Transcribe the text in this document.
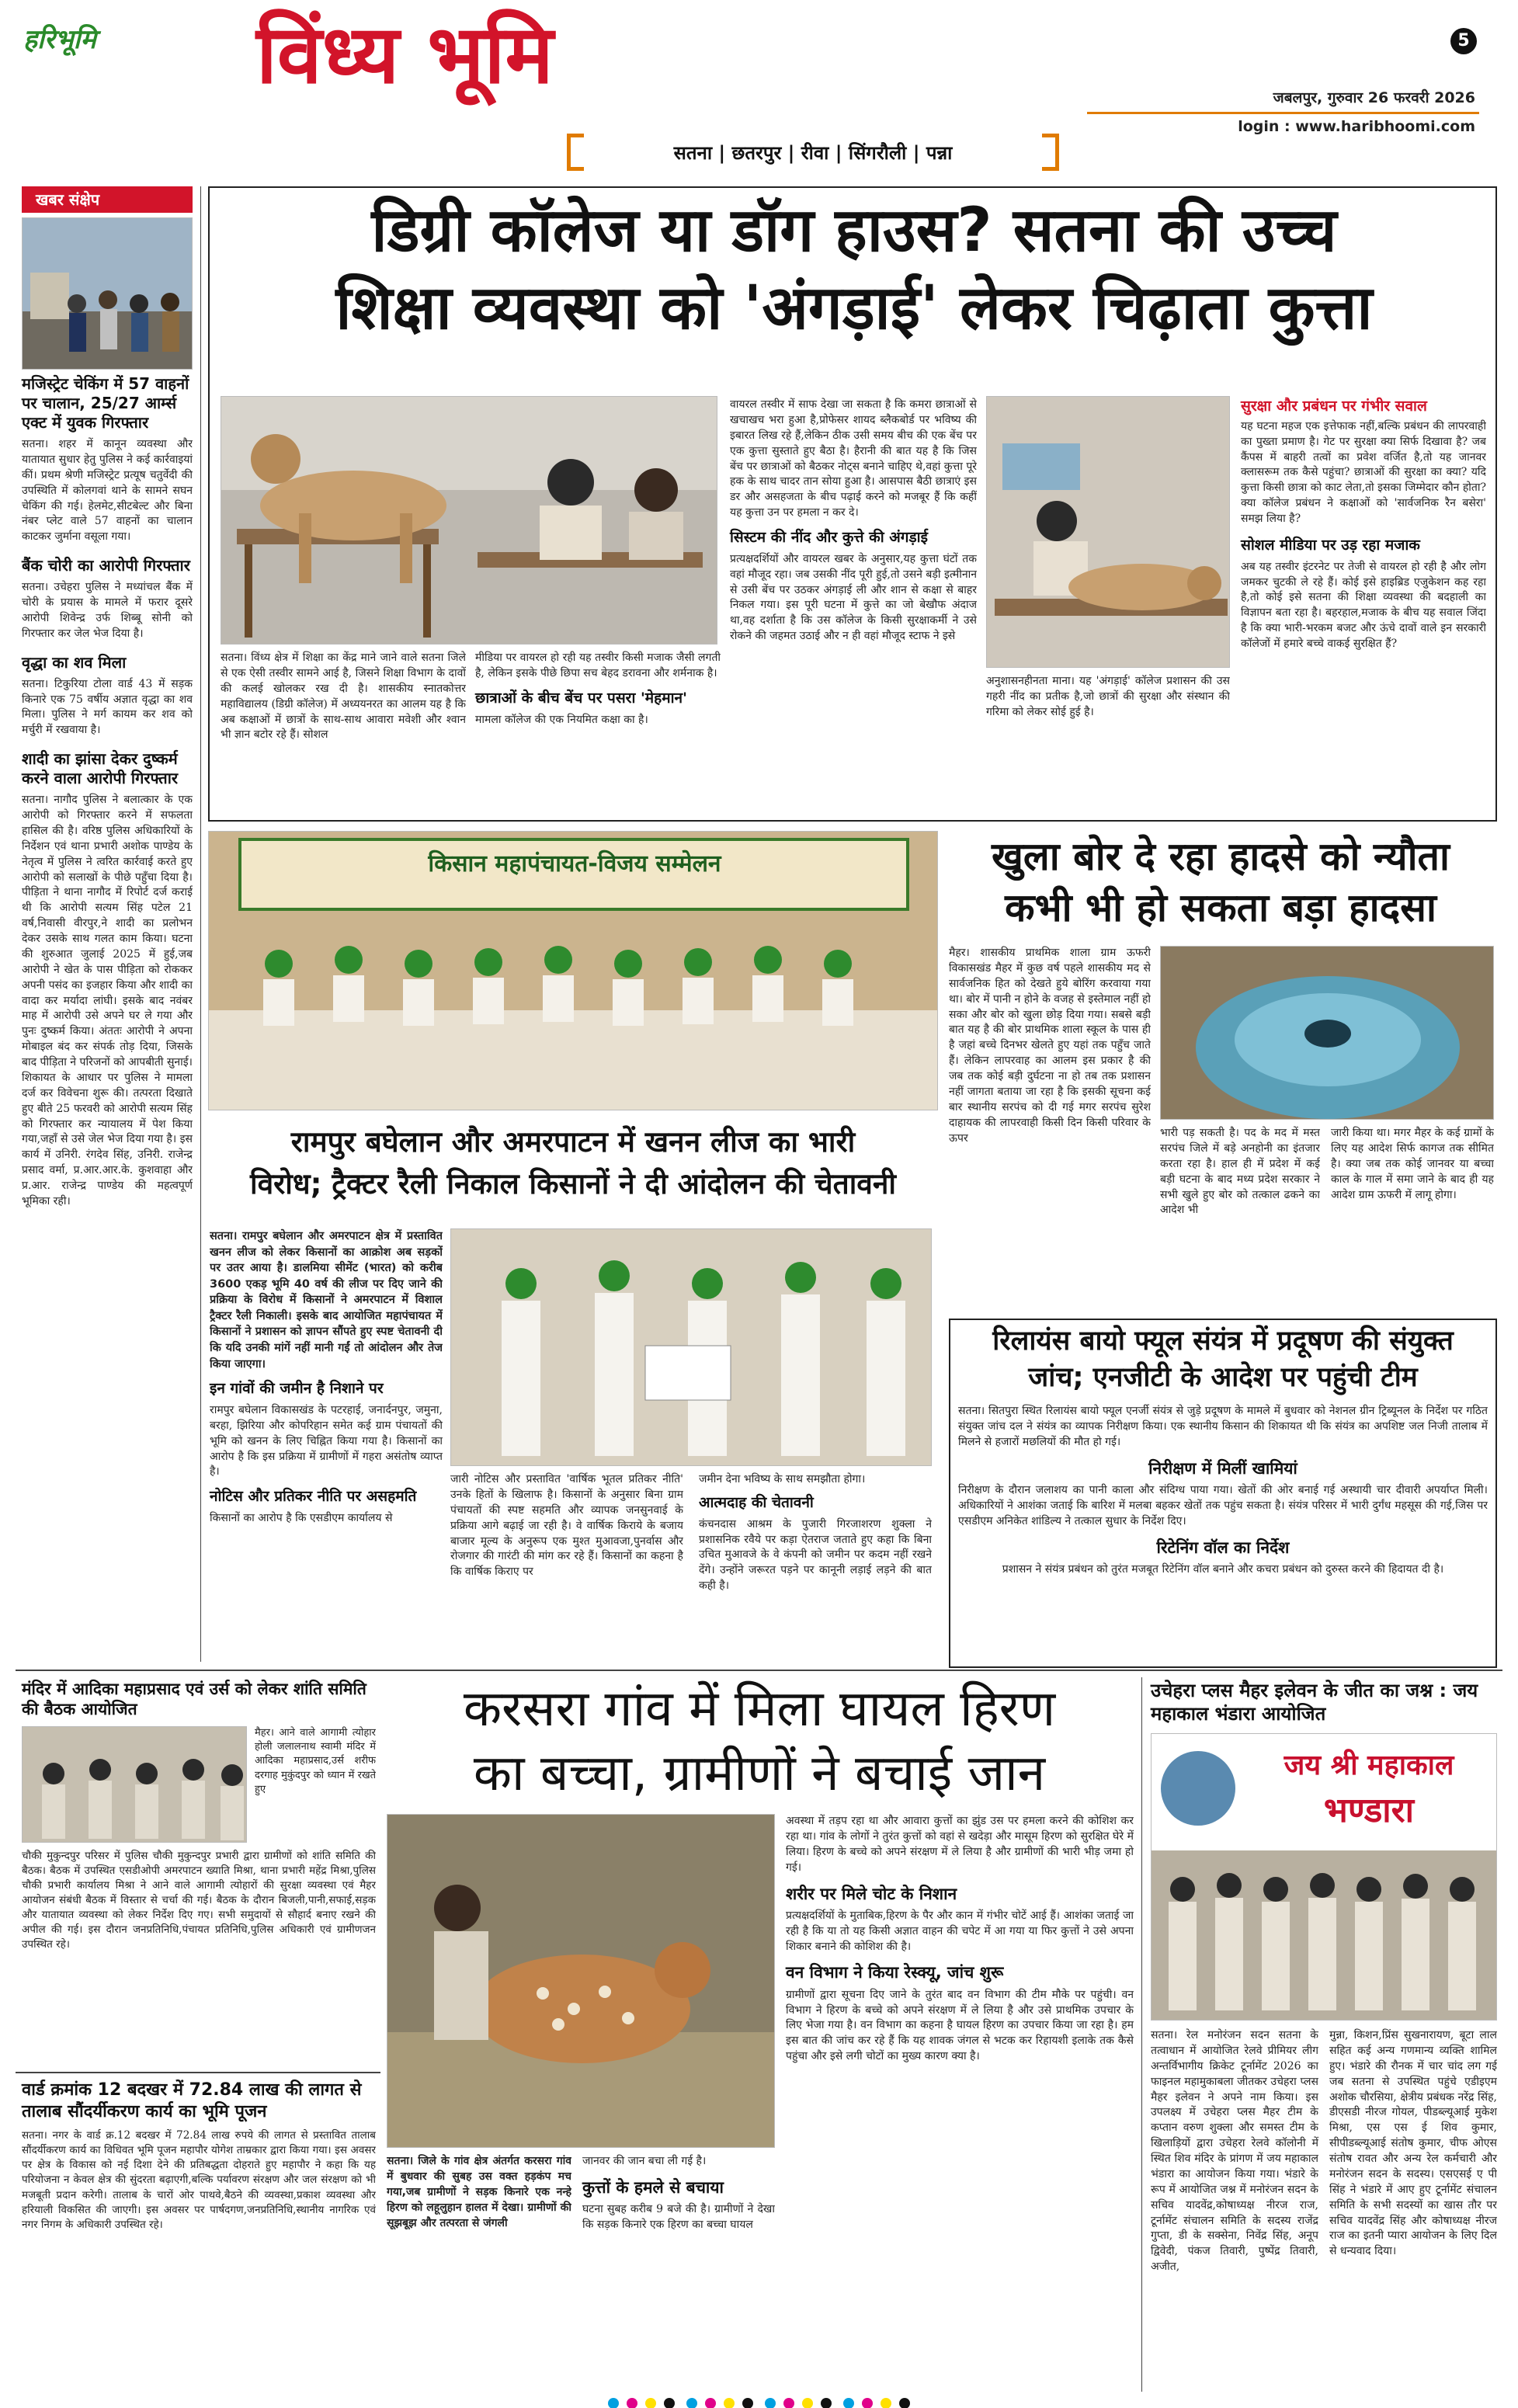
हरिभूमि विंध्य भूमि	5
जबलपुर, गुरुवार 26 फरवरी 2026
login : www.haribhoomi.com
सतना | छतरपुर | रीवा | सिंगरौली | पन्ना
खबर संक्षेप
मजिस्ट्रेट चेकिंग में 57 वाहनों पर चालान, 25/27 आर्म्स एक्ट में युवक गिरफ्तार
सतना। शहर में कानून व्यवस्था और यातायात सुधार हेतु पुलिस ने कई कार्रवाइयां कीं। प्रथम श्रेणी मजिस्ट्रेट प्रत्यूष चतुर्वेदी की उपस्थिति में कोलगवां थाने के सामने सघन चेकिंग की गई। हेलमेट,सीटबेल्ट और बिना नंबर प्लेट वाले 57 वाहनों का चालान काटकर जुर्माना वसूला गया।
बैंक चोरी का आरोपी गिरफ्तार
सतना। उचेहरा पुलिस ने मध्यांचल बैंक में चोरी के प्रयास के मामले में फरार दूसरे आरोपी शिवेन्द्र उर्फ शिब्बू सोनी को गिरफ्तार कर जेल भेज दिया है।
वृद्धा का शव मिला
सतना। टिकुरिया टोला वार्ड 43 में सड़क किनारे एक 75 वर्षीय अज्ञात वृद्धा का शव मिला। पुलिस ने मर्ग कायम कर शव को मर्चुरी में रखवाया है।
शादी का झांसा देकर दुष्कर्म करने वाला आरोपी गिरफ्तार
सतना। नागौद पुलिस ने बलात्कार के एक आरोपी को गिरफ्तार करने में सफलता हासिल की है। वरिष्ठ पुलिस अधिकारियों के निर्देशन एवं थाना प्रभारी अशोक पाण्डेय के नेतृत्व में पुलिस ने त्वरित कार्रवाई करते हुए आरोपी को सलाखों के पीछे पहुँचा दिया है। पीड़िता ने थाना नागौद में रिपोर्ट दर्ज कराई थी कि आरोपी सत्यम सिंह पटेल 21 वर्ष,निवासी वीरपुर,ने शादी का प्रलोभन देकर उसके साथ गलत काम किया। घटना की शुरुआत जुलाई 2025 में हुई,जब आरोपी ने खेत के पास पीड़िता को रोककर अपनी पसंद का इजहार किया और शादी का वादा कर मर्यादा लांघी। इसके बाद नवंबर माह में आरोपी उसे अपने घर ले गया और पुनः दुष्कर्म किया। अंततः आरोपी ने अपना मोबाइल बंद कर संपर्क तोड़ दिया, जिसके बाद पीड़िता ने परिजनों को आपबीती सुनाई। शिकायत के आधार पर पुलिस ने मामला दर्ज कर विवेचना शुरू की। तत्परता दिखाते हुए बीते 25 फरवरी को आरोपी सत्यम सिंह को गिरफ्तार कर न्यायालय में पेश किया गया,जहाँ से उसे जेल भेज दिया गया है। इस कार्य में उनिरी. रंगदेव सिंह, उनिरी. राजेन्द्र प्रसाद वर्मा, प्र.आर.आर.के. कुशवाहा और प्र.आर. राजेन्द्र पाण्डेय की महत्वपूर्ण भूमिका रही।
डिग्री कॉलेज या डॉग हाउस? सतना की उच्च
शिक्षा व्यवस्था को 'अंगड़ाई' लेकर चिढ़ाता कुत्ता
सतना। विंध्य क्षेत्र में शिक्षा का केंद्र माने जाने वाले सतना जिले से एक ऐसी तस्वीर सामने आई है, जिसने शिक्षा विभाग के दावों की कलई खोलकर रख दी है। शासकीय स्नातकोत्तर महाविद्यालय (डिग्री कॉलेज) में अध्ययनरत का आलम यह है कि अब कक्षाओं में छात्रों के साथ-साथ आवारा मवेशी और श्वान भी ज्ञान बटोर रहे हैं। सोशल
मीडिया पर वायरल हो रही यह तस्वीर किसी मजाक जैसी लगती है, लेकिन इसके पीछे छिपा सच बेहद डरावना और शर्मनाक है।
छात्राओं के बीच बेंच पर पसरा 'मेहमान'
मामला कॉलेज की एक नियमित कक्षा का है।
वायरल तस्वीर में साफ देखा जा सकता है कि कमरा छात्राओं से खचाखच भरा हुआ है,प्रोफेसर शायद ब्लैकबोर्ड पर भविष्य की इबारत लिख रहे हैं,लेकिन ठीक उसी समय बीच की एक बेंच पर एक कुत्ता सुस्ताते हुए बैठा है। हैरानी की बात यह है कि जिस बेंच पर छात्राओं को बैठकर नोट्स बनाने चाहिए थे,वहां कुत्ता पूरे हक के साथ चादर तान सोया हुआ है। आसपास बैठी छात्राएं इस डर और असहजता के बीच पढ़ाई करने को मजबूर हैं कि कहीं यह कुत्ता उन पर हमला न कर दे।
सिस्टम की नींद और कुत्ते की अंगड़ाई
प्रत्यक्षदर्शियों और वायरल खबर के अनुसार,यह कुत्ता घंटों तक वहां मौजूद रहा। जब उसकी नींद पूरी हुई,तो उसने बड़ी इत्मीनान से उसी बेंच पर उठकर अंगड़ाई ली और शान से कक्षा से बाहर निकल गया। इस पूरी घटना में कुत्ते का जो बेखौफ अंदाज था,वह दर्शाता है कि उस कॉलेज के किसी सुरक्षाकर्मी ने उसे रोकने की जहमत उठाई और न ही वहां मौजूद स्टाफ ने इसे
अनुशासनहीनता माना। यह 'अंगड़ाई' कॉलेज प्रशासन की उस गहरी नींद का प्रतीक है,जो छात्रों की सुरक्षा और संस्थान की गरिमा को लेकर सोई हुई है।
सुरक्षा और प्रबंधन पर गंभीर सवाल
यह घटना महज एक इत्तेफाक नहीं,बल्कि प्रबंधन की लापरवाही का पुख्ता प्रमाण है। गेट पर सुरक्षा क्या सिर्फ दिखावा है? जब कैंपस में बाहरी तत्वों का प्रवेश वर्जित है,तो यह जानवर क्लासरूम तक कैसे पहुंचा? छात्राओं की सुरक्षा का क्या? यदि कुत्ता किसी छात्रा को काट लेता,तो इसका जिम्मेदार कौन होता? क्या कॉलेज प्रबंधन ने कक्षाओं को 'सार्वजनिक रैन बसेरा' समझ लिया है?
सोशल मीडिया पर उड़ रहा मजाक
अब यह तस्वीर इंटरनेट पर तेजी से वायरल हो रही है और लोग जमकर चुटकी ले रहे हैं। कोई इसे हाइब्रिड एजुकेशन कह रहा है,तो कोई इसे सतना की शिक्षा व्यवस्था की बदहाली का विज्ञापन बता रहा है। बहरहाल,मजाक के बीच यह सवाल जिंदा है कि क्या भारी-भरकम बजट और ऊंचे दावों वाले इन सरकारी कॉलेजों में हमारे बच्चे वाकई सुरक्षित हैं?
किसान महापंचायत-विजय सम्मेलन
रामपुर बघेलान और अमरपाटन में खनन लीज का भारी
विरोध; ट्रैक्टर रैली निकाल किसानों ने दी आंदोलन की चेतावनी
सतना। रामपुर बघेलान और अमरपाटन क्षेत्र में प्रस्तावित खनन लीज को लेकर किसानों का आक्रोश अब सड़कों पर उतर आया है। डालमिया सीमेंट (भारत) को करीब 3600 एकड़ भूमि 40 वर्ष की लीज पर दिए जाने की प्रक्रिया के विरोध में किसानों ने अमरपाटन में विशाल ट्रैक्टर रैली निकाली। इसके बाद आयोजित महापंचायत में किसानों ने प्रशासन को ज्ञापन सौंपते हुए स्पष्ट चेतावनी दी कि यदि उनकी मांगें नहीं मानी गईं तो आंदोलन और तेज किया जाएगा।
इन गांवों की जमीन है निशाने पर
रामपुर बघेलान विकासखंड के पटरहाई, जनार्दनपुर, जमुना, बरहा, झिरिया और कोपरिहान समेत कई ग्राम पंचायतों की भूमि को खनन के लिए चिह्नित किया गया है। किसानों का आरोप है कि इस प्रक्रिया में ग्रामीणों में गहरा असंतोष व्याप्त है।
नोटिस और प्रतिकर नीति पर असहमति
किसानों का आरोप है कि एसडीएम कार्यालय से
जारी नोटिस और प्रस्तावित 'वार्षिक भूतल प्रतिकर नीति' उनके हितों के खिलाफ है। किसानों के अनुसार बिना ग्राम पंचायतों की स्पष्ट सहमति और व्यापक जनसुनवाई के प्रक्रिया आगे बढ़ाई जा रही है। वे वार्षिक किराये के बजाय बाजार मूल्य के अनुरूप एक मुश्त मुआवजा,पुनर्वास और रोजगार की गारंटी की मांग कर रहे हैं। किसानों का कहना है कि वार्षिक किराए पर
जमीन देना भविष्य के साथ समझौता होगा।
आत्मदाह की चेतावनी
कंचनदास आश्रम के पुजारी गिरजाशरण शुक्ला ने प्रशासनिक रवैये पर कड़ा ऐतराज जताते हुए कहा कि बिना उचित मुआवजे के वे कंपनी को जमीन पर कदम नहीं रखने देंगे। उन्होंने जरूरत पड़ने पर कानूनी लड़ाई लड़ने की बात कही है।
खुला बोर दे रहा हादसे को न्यौता
कभी भी हो सकता बड़ा हादसा
मैहर। शासकीय प्राथमिक शाला ग्राम ऊफरी विकासखंड मैहर में कुछ वर्ष पहले शासकीय मद से सार्वजनिक हित को देखते हुये बोरिंग करवाया गया था। बोर में पानी न होने के वजह से इस्तेमाल नहीं हो सका और बोर को खुला छोड़ दिया गया। सबसे बड़ी बात यह है की बोर प्राथमिक शाला स्कूल के पास ही है जहां बच्चे दिनभर खेलते हुए यहां तक पहुँच जाते हैं। लेकिन लापरवाह का आलम इस प्रकार है की जब तक कोई बड़ी दुर्घटना ना हो तब तक प्रशासन नहीं जागता बताया जा रहा है कि इसकी सूचना कई बार स्थानीय सरपंच को दी गई मगर सरपंच सुरेश दाहायक की लापरवाही किसी दिन किसी परिवार के ऊपर	भारी पड़ सकती है। पद के मद में मस्त सरपंच जिले में बड़े अनहोनी का इंतजार करता रहा है। हाल ही में प्रदेश में कई बड़ी घटना के बाद मध्य प्रदेश सरकार ने सभी खुले हुए बोर को तत्काल ढकने का आदेश भी
जारी किया था। मगर मैहर के कई ग्रामों के लिए यह आदेश सिर्फ कागज तक सीमित है। क्या जब तक कोई जानवर या बच्चा काल के गाल में समा जाने के बाद ही यह आदेश ग्राम ऊफरी में लागू होगा।
रिलायंस बायो फ्यूल संयंत्र में प्रदूषण की संयुक्त
जांच; एनजीटी के आदेश पर पहुंची टीम
सतना। सितपुरा स्थित रिलायंस बायो फ्यूल एनर्जी संयंत्र से जुड़े प्रदूषण के मामले में बुधवार को नेशनल ग्रीन ट्रिब्यूनल के निर्देश पर गठित संयुक्त जांच दल ने संयंत्र का व्यापक निरीक्षण किया। एक स्थानीय किसान की शिकायत थी कि संयंत्र का अपशिष्ट जल निजी तालाब में मिलने से हजारों मछलियों की मौत हो गई।
निरीक्षण में मिलीं खामियां
निरीक्षण के दौरान जलाशय का पानी काला और संदिग्ध पाया गया। खेतों की ओर बनाई गई अस्थायी चार दीवारी अपर्याप्त मिली। अधिकारियों ने आशंका जताई कि बारिश में मलबा बहकर खेतों तक पहुंच सकता है। संयंत्र परिसर में भारी दुर्गंध महसूस की गई,जिस पर एसडीएम अनिकेत शांडिल्य ने तत्काल सुधार के निर्देश दिए।
रिटेनिंग वॉल का निर्देश
प्रशासन ने संयंत्र प्रबंधन को तुरंत मजबूत रिटेनिंग वॉल बनाने और कचरा प्रबंधन को दुरुस्त करने की हिदायत दी है।
मंदिर में आदिका महाप्रसाद एवं उर्स को लेकर शांति समिति की बैठक आयोजित
मैहर। आने वाले आगामी त्योहार होली जलालनाथ स्वामी मंदिर में आदिका महाप्रसाद,उर्स शरीफ दरगाह मुकुंदपुर को ध्यान में रखते हुए
चौकी मुकुन्दपुर परिसर में पुलिस चौकी मुकुन्दपुर प्रभारी द्वारा ग्रामीणों को शांति समिति की बैठक। बैठक में उपस्थित एसडीओपी अमरपाटन ख्याति मिश्रा, थाना प्रभारी महेंद्र मिश्रा,पुलिस चौकी प्रभारी कार्यालय मिश्रा ने आने वाले आगामी त्योहारों की सुरक्षा व्यवस्था एवं मैहर आयोजन संबंधी बैठक में विस्तार से चर्चा की गई। बैठक के दौरान बिजली,पानी,सफाई,सड़क और यातायात व्यवस्था को लेकर निर्देश दिए गए। सभी समुदायों से सौहार्द बनाए रखने की अपील की गई। इस दौरान जनप्रतिनिधि,पंचायत प्रतिनिधि,पुलिस अधिकारी एवं ग्रामीणजन उपस्थित रहे।
वार्ड क्रमांक 12 बदखर में 72.84 लाख की लागत से तालाब सौंदर्यीकरण कार्य का भूमि पूजन
सतना। नगर के वार्ड क्र.12 बदखर में 72.84 लाख रुपये की लागत से प्रस्तावित तालाब सौंदर्यीकरण कार्य का विधिवत भूमि पूजन महापौर योगेश ताम्रकार द्वारा किया गया। इस अवसर पर क्षेत्र के विकास को नई दिशा देने की प्रतिबद्धता दोहराते हुए महापौर ने कहा कि यह परियोजना न केवल क्षेत्र की सुंदरता बढ़ाएगी,बल्कि पर्यावरण संरक्षण और जल संरक्षण को भी मजबूती प्रदान करेगी। तालाब के चारों ओर पाथवे,बैठने की व्यवस्था,प्रकाश व्यवस्था और हरियाली विकसित की जाएगी। इस अवसर पर पार्षदगण,जनप्रतिनिधि,स्थानीय नागरिक एवं नगर निगम के अधिकारी उपस्थित रहे।
करसरा गांव में मिला घायल हिरण
का बच्चा, ग्रामीणों ने बचाई जान
सतना। जिले के गांव क्षेत्र अंतर्गत करसरा गांव में बुधवार की सुबह उस वक्त हड़कंप मच गया,जब ग्रामीणों ने सड़क किनारे एक नन्हे हिरण को लहूलुहान हालत में देखा। ग्रामीणों की सूझबूझ और तत्परता से जंगली
जानवर की जान बचा ली गई है।
कुत्तों के हमले से बचाया
घटना सुबह करीब 9 बजे की है। ग्रामीणों ने देखा कि सड़क किनारे एक हिरण का बच्चा घायल
अवस्था में तड़प रहा था और आवारा कुत्तों का झुंड उस पर हमला करने की कोशिश कर रहा था। गांव के लोगों ने तुरंत कुत्तों को वहां से खदेड़ा और मासूम हिरण को सुरक्षित घेरे में लिया। हिरण के बच्चे को अपने संरक्षण में ले लिया है और ग्रामीणों की भारी भीड़ जमा हो गई।
शरीर पर मिले चोट के निशान
प्रत्यक्षदर्शियों के मुताबिक,हिरण के पैर और कान में गंभीर चोटें आई हैं। आशंका जताई जा रही है कि या तो यह किसी अज्ञात वाहन की चपेट में आ गया या फिर कुत्तों ने उसे अपना शिकार बनाने की कोशिश की है।
वन विभाग ने किया रेस्क्यू, जांच शुरू
ग्रामीणों द्वारा सूचना दिए जाने के तुरंत बाद वन विभाग की टीम मौके पर पहुंची। वन विभाग ने हिरण के बच्चे को अपने संरक्षण में ले लिया है और उसे प्राथमिक उपचार के लिए भेजा गया है। वन विभाग का कहना है घायल हिरण का उपचार किया जा रहा है। हम इस बात की जांच कर रहे हैं कि यह शावक जंगल से भटक कर रिहायशी इलाके तक कैसे पहुंचा और इसे लगी चोटों का मुख्य कारण क्या है।
उचेहरा प्लस मैहर इलेवन के जीत का जश्न : जय महाकाल भंडारा आयोजित
जय श्री महाकाल
भण्डारा
सतना। रेल मनोरंजन सदन सतना के तत्वाधान में आयोजित रेलवे प्रीमियर लीग अन्तर्विभागीय क्रिकेट टूर्नामेंट 2026 का फाइनल महामुकाबला जीतकर उचेहरा प्लस मैहर इलेवन ने अपने नाम किया। इस उपलक्ष्य में उचेहरा प्लस मैहर टीम के कप्तान वरुण शुक्ला और समस्त टीम के खिलाड़ियों द्वारा उचेहरा रेलवे कॉलोनी में स्थित शिव मंदिर के प्रांगण में जय महाकाल भंडारा का आयोजन किया गया। भंडारे के रूप में आयोजित जश्न में मनोरंजन सदन के सचिव यादवेंद्र,कोषाध्यक्ष नीरज राज, टूर्नामेंट संचालन समिति के सदस्य राजेंद्र गुप्ता, डी के सक्सेना, निवेंद्र सिंह, अनूप द्विवेदी, पंकज तिवारी, पुष्पेंद्र तिवारी, अजीत,
मुन्ना, किशन,प्रिंस सुखनारायण, बूटा लाल सहित कई अन्य गणमान्य व्यक्ति शामिल हुए। भंडारे की रौनक में चार चांद लग गई जब सतना से उपस्थित पहुंचे एडीइएम अशोक चौरसिया, क्षेत्रीय प्रबंधक नरेंद्र सिंह, डीएसडी नीरज गोयल, पीडब्ल्यूआई मुकेश मिश्रा, एस एस ई शिव कुमार, सीपीडब्ल्यूआई संतोष कुमार, चीफ ओएस संतोष रावत और अन्य रेल कर्मचारी और मनोरंजन सदन के सदस्य। एसएसई ए पी सिंह ने भंडारे में आए हुए टूर्नामेंट संचालन समिति के सभी सदस्यों का खास तौर पर सचिव यादवेंद्र सिंह और कोषाध्यक्ष नीरज राज का इतनी प्यारा आयोजन के लिए दिल से धन्यवाद दिया।
